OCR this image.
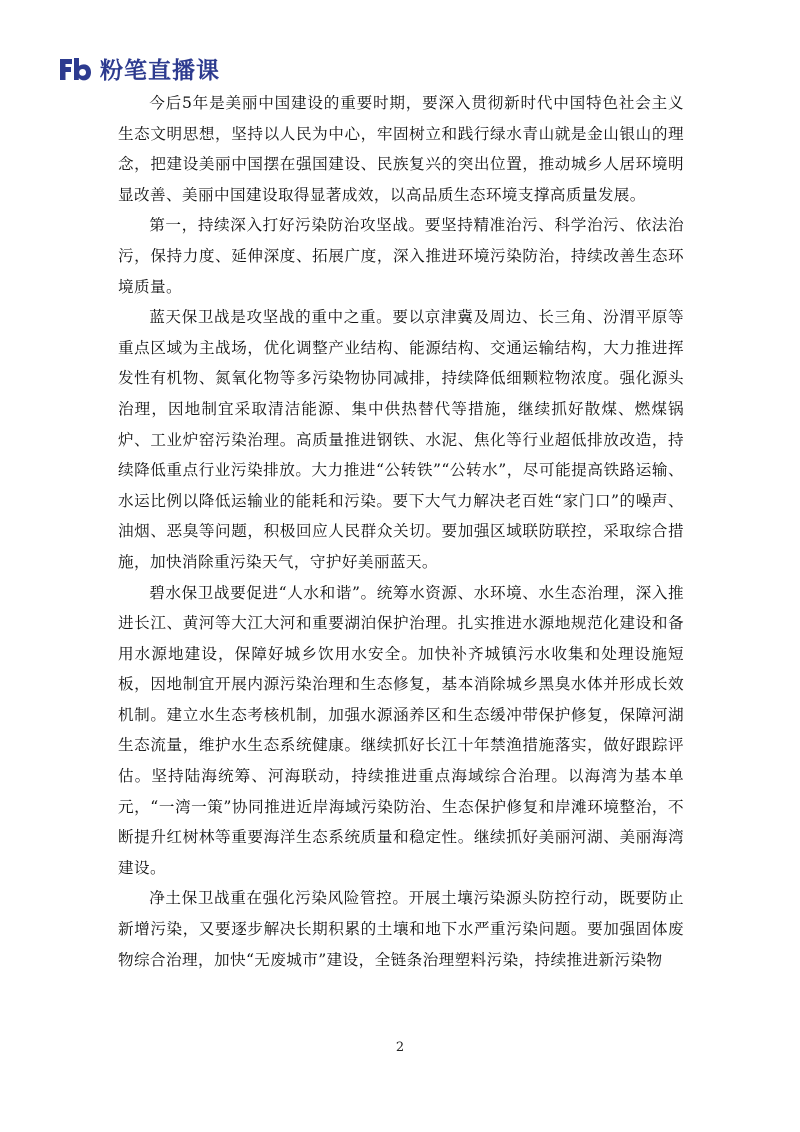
粉笔直播课

今后5年是美丽中国建设的重要时期，要深入贯彻新时代中国特色社会主义生态文明思想，坚持以人民为中心，牢固树立和践行绿水青山就是金山银山的理念，把建设美丽中国摆在强国建设、民族复兴的突出位置，推动城乡人居环境明显改善、美丽中国建设取得显著成效，以高品质生态环境支撑高质量发展。

第一，持续深入打好污染防治攻坚战。要坚持精准治污、科学治污、依法治污，保持力度、延伸深度、拓展广度，深入推进环境污染防治，持续改善生态环境质量。

蓝天保卫战是攻坚战的重中之重。要以京津冀及周边、长三角、汾渭平原等重点区域为主战场，优化调整产业结构、能源结构、交通运输结构，大力推进挥发性有机物、氮氧化物等多污染物协同减排，持续降低细颗粒物浓度。强化源头治理，因地制宜采取清洁能源、集中供热替代等措施，继续抓好散煤、燃煤锅炉、工业炉窑污染治理。高质量推进钢铁、水泥、焦化等行业超低排放改造，持续降低重点行业污染排放。大力推进“公转铁”“公转水”，尽可能提高铁路运输、水运比例以降低运输业的能耗和污染。要下大气力解决老百姓“家门口”的噪声、油烟、恶臭等问题，积极回应人民群众关切。要加强区域联防联控，采取综合措施，加快消除重污染天气，守护好美丽蓝天。

碧水保卫战要促进“人水和谐”。统筹水资源、水环境、水生态治理，深入推进长江、黄河等大江大河和重要湖泊保护治理。扎实推进水源地规范化建设和备用水源地建设，保障好城乡饮用水安全。加快补齐城镇污水收集和处理设施短板，因地制宜开展内源污染治理和生态修复，基本消除城乡黑臭水体并形成长效机制。建立水生态考核机制，加强水源涵养区和生态缓冲带保护修复，保障河湖生态流量，维护水生态系统健康。继续抓好长江十年禁渔措施落实，做好跟踪评估。坚持陆海统筹、河海联动，持续推进重点海域综合治理。以海湾为基本单元，“一湾一策”协同推进近岸海域污染防治、生态保护修复和岸滩环境整治，不断提升红树林等重要海洋生态系统质量和稳定性。继续抓好美丽河湖、美丽海湾建设。

净土保卫战重在强化污染风险管控。开展土壤污染源头防控行动，既要防止新增污染，又要逐步解决长期积累的土壤和地下水严重污染问题。要加强固体废物综合治理，加快“无废城市”建设，全链条治理塑料污染，持续推进新污染物

2
